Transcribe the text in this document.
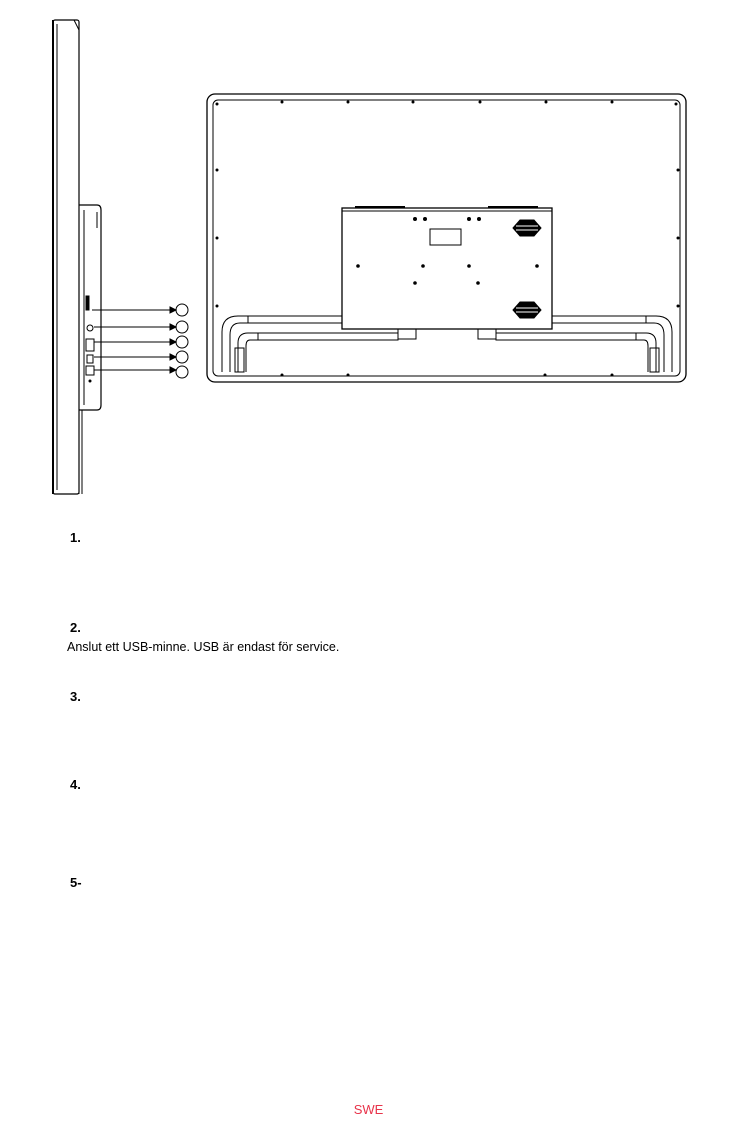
1.

2.

Anslut ett USB-minne. USB är endast för service.

3.

4.

5-

SWE
